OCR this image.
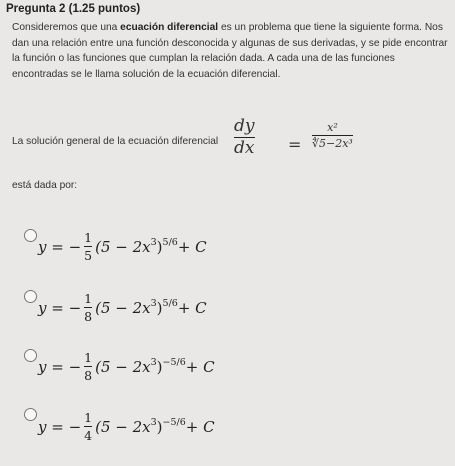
Pregunta 2 (1.25 puntos)
Consideremos que una ecuación diferencial es un problema que tiene la siguiente forma. Nos dan una relación entre una función desconocida y algunas de sus derivadas, y se pide encontrar la función o las funciones que cumplan la relación dada. A cada una de las funciones encontradas se le llama solución de la ecuación diferencial.
La solución general de la ecuación diferencial
dy
dx =
x²
∜5−2x³
está dada por:
y = − 1
5 ($5 - 2x^3$ )$^{5/6}$ + C
y = − 1
8 ($5 - 2x^3$ )$^{5/6}$ + C
y = − 1
8 ($5 - 2x^3$ )$^{-5/6}$ + C
y = − 1
4 ($5 - 2x^3$ )$^{-5/6}$ + C
